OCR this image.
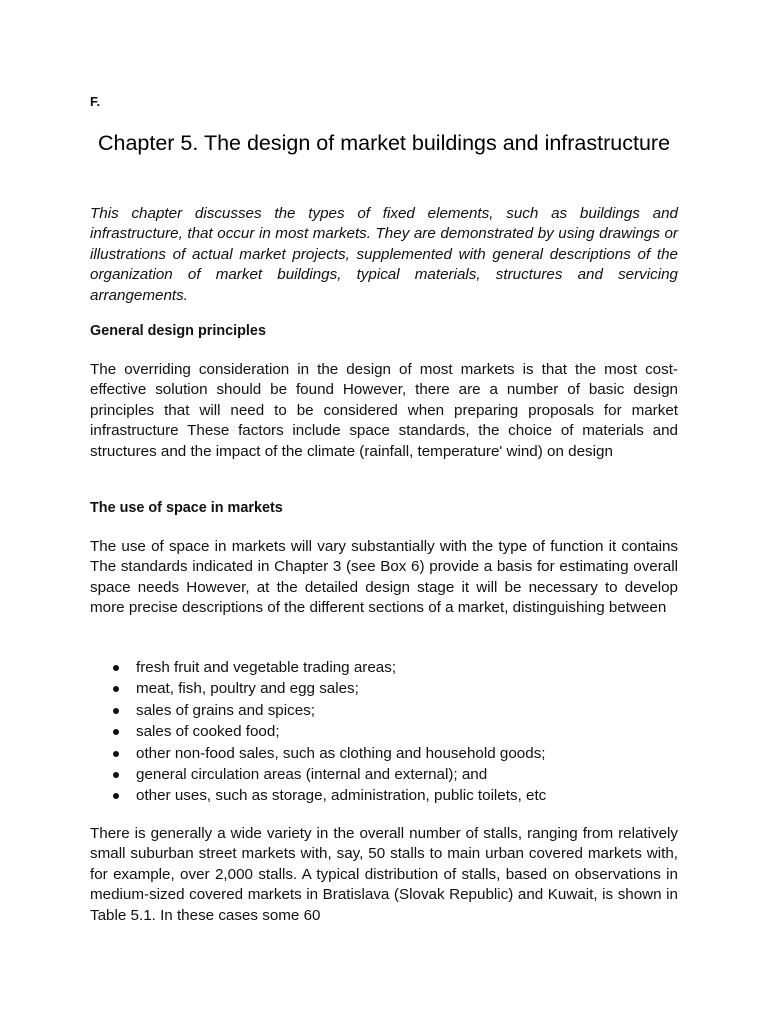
F.

Chapter 5. The design of market buildings and infrastructure

This chapter discusses the types of fixed elements, such as buildings and infrastructure, that occur in most markets. They are demonstrated by using drawings or illustrations of actual market projects, supplemented with general descriptions of the organization of market buildings, typical materials, structures and servicing arrangements.

General design principles

The overriding consideration in the design of most markets is that the most cost-effective solution should be found However, there are a number of basic design principles that will need to be considered when preparing proposals for market infrastructure These factors include space standards, the choice of materials and structures and the impact of the climate (rainfall, temperature' wind) on design

The use of space in markets

The use of space in markets will vary substantially with the type of function it contains The standards indicated in Chapter 3 (see Box 6) provide a basis for estimating overall space needs However, at the detailed design stage it will be necessary to develop more precise descriptions of the different sections of a market, distinguishing between

fresh fruit and vegetable trading areas;
meat, fish, poultry and egg sales;
sales of grains and spices;
sales of cooked food;
other non-food sales, such as clothing and household goods;
general circulation areas (internal and external); and
other uses, such as storage, administration, public toilets, etc

There is generally a wide variety in the overall number of stalls, ranging from relatively small suburban street markets with, say, 50 stalls to main urban covered markets with, for example, over 2,000 stalls. A typical distribution of stalls, based on observations in medium-sized covered markets in Bratislava (Slovak Republic) and Kuwait, is shown in Table 5.1. In these cases some 60
